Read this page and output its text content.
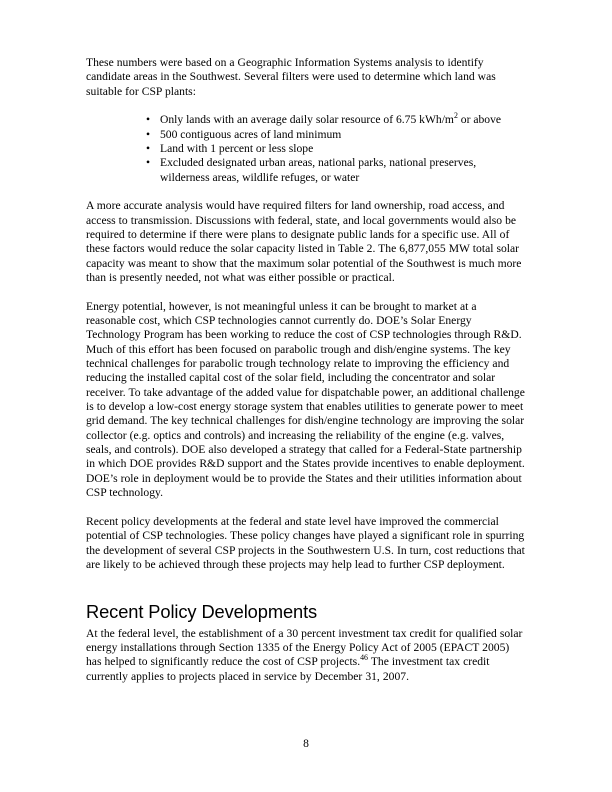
These numbers were based on a Geographic Information Systems analysis to identify candidate areas in the Southwest. Several filters were used to determine which land was suitable for CSP plants:

• Only lands with an average daily solar resource of 6.75 kWh/$m^2$ or above
• 500 contiguous acres of land minimum
• Land with 1 percent or less slope
• Excluded designated urban areas, national parks, national preserves, wilderness areas, wildlife refuges, or water

A more accurate analysis would have required filters for land ownership, road access, and access to transmission. Discussions with federal, state, and local governments would also be required to determine if there were plans to designate public lands for a specific use. All of these factors would reduce the solar capacity listed in Table 2. The 6,877,055 MW total solar capacity was meant to show that the maximum solar potential of the Southwest is much more than is presently needed, not what was either possible or practical.

Energy potential, however, is not meaningful unless it can be brought to market at a reasonable cost, which CSP technologies cannot currently do. DOE’s Solar Energy Technology Program has been working to reduce the cost of CSP technologies through R&D. Much of this effort has been focused on parabolic trough and dish/engine systems. The key technical challenges for parabolic trough technology relate to improving the efficiency and reducing the installed capital cost of the solar field, including the concentrator and solar receiver. To take advantage of the added value for dispatchable power, an additional challenge is to develop a low-cost energy storage system that enables utilities to generate power to meet grid demand. The key technical challenges for dish/engine technology are improving the solar collector (e.g. optics and controls) and increasing the reliability of the engine (e.g. valves, seals, and controls). DOE also developed a strategy that called for a Federal-State partnership in which DOE provides R&D support and the States provide incentives to enable deployment. DOE’s role in deployment would be to provide the States and their utilities information about CSP technology.

Recent policy developments at the federal and state level have improved the commercial potential of CSP technologies. These policy changes have played a significant role in spurring the development of several CSP projects in the Southwestern U.S. In turn, cost reductions that are likely to be achieved through these projects may help lead to further CSP deployment.

Recent Policy Developments

At the federal level, the establishment of a 30 percent investment tax credit for qualified solar energy installations through Section 1335 of the Energy Policy Act of 2005 (EPACT 2005) has helped to significantly reduce the cost of CSP projects.$^{46}$ The investment tax credit currently applies to projects placed in service by December 31, 2007.

8
